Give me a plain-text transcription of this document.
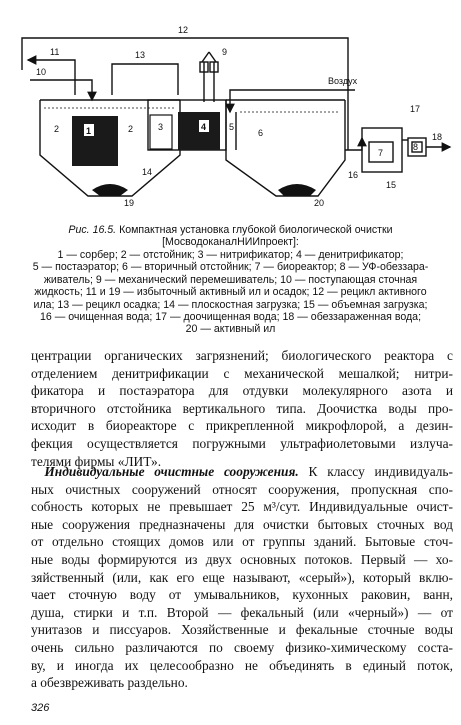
12
11	13
10
9
Воздух
2	2
1	3	4	5
6
7
8
14
15
16
17
18
19	20
Рис. 16.5. Компактная установка глубокой биологической очистки
[МосводоканалНИИпроект]:
1 — сорбер; 2 — отстойник; 3 — нитрификатор; 4 — денитрификатор;
5 — постаэратор; 6 — вторичный отстойник; 7 — биореактор; 8 — УФ-обеззара-
живатель; 9 — механический перемешиватель; 10 — поступающая сточная
жидкость; 11 и 19 — избыточный активный ил и осадок; 12 — рецикл активного
ила; 13 — рецикл осадка; 14 — плоскостная загрузка; 15 — объемная загрузка;
16 — очищенная вода; 17 — доочищенная вода; 18 — обеззараженная вода;
20 — активный ил
центрации органических загрязнений; биологического реактора с
отделением денитрификации с механической мешалкой; нитри-
фикатора и постаэратора для отдувки молекулярного азота и
вторичного отстойника вертикального типа. Доочистка воды про-
исходит в биореакторе с прикрепленной микрофлорой, а дезин-
фекция осуществляется погружными ультрафиолетовыми излуча-
телями фирмы «ЛИТ».
 Индивидуальные очистные сооружения. К классу индивидуаль-
ных очистных сооружений относят сооружения, пропускная спо-
собность которых не превышает 25 м³/сут. Индивидуальные очист-
ные сооружения предназначены для очистки бытовых сточных вод
от отдельно стоящих домов или от группы зданий. Бытовые сточ-
ные воды формируются из двух основных потоков. Первый — хо-
зяйственный (или, как его еще называют, «серый»), который вклю-
чает сточную воду от умывальников, кухонных раковин, ванн,
душа, стирки и т.п. Второй — фекальный (или «черный») — от
унитазов и писсуаров. Хозяйственные и фекальные сточные воды
очень сильно различаются по своему физико-химическому соста-
ву, и иногда их целесообразно не объединять в единый поток,
а обезвреживать раздельно.
326
